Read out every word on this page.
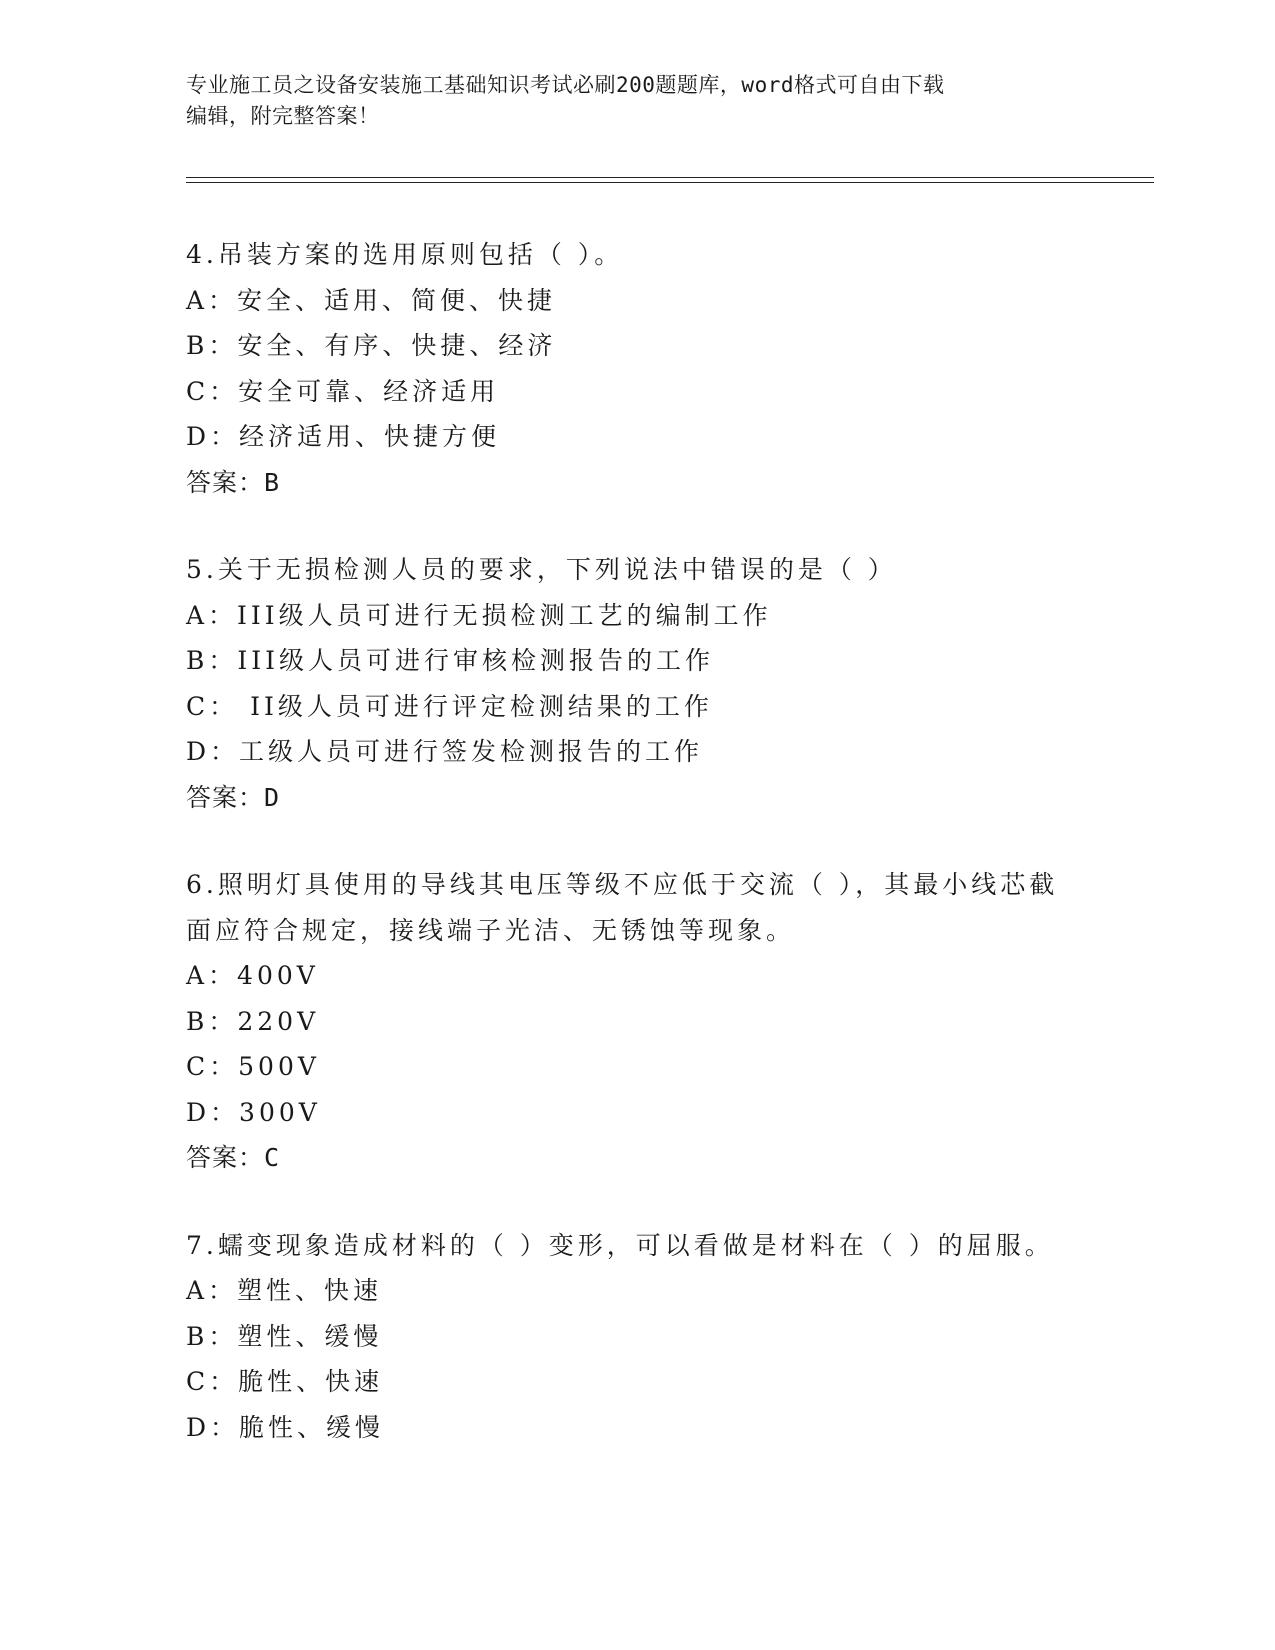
专业施工员之设备安装施工基础知识考试必刷200题题库，word格式可自由下载
编辑，附完整答案！
4.吊装方案的选用原则包括（ ）。
A：安全、适用、简便、快捷
B：安全、有序、快捷、经济
C：安全可靠、经济适用
D：经济适用、快捷方便
答案：B
5.关于无损检测人员的要求，下列说法中错误的是（ ）
A：III级人员可进行无损检测工艺的编制工作
B：III级人员可进行审核检测报告的工作
C： II级人员可进行评定检测结果的工作
D：工级人员可进行签发检测报告的工作
答案：D
6.照明灯具使用的导线其电压等级不应低于交流（ ），其最小线芯截
面应符合规定，接线端子光洁、无锈蚀等现象。
A：400V
B：220V
C：500V
D：300V
答案：C
7.蠕变现象造成材料的（ ）变形，可以看做是材料在（ ）的屈服。
A：塑性、快速
B：塑性、缓慢
C：脆性、快速
D：脆性、缓慢
